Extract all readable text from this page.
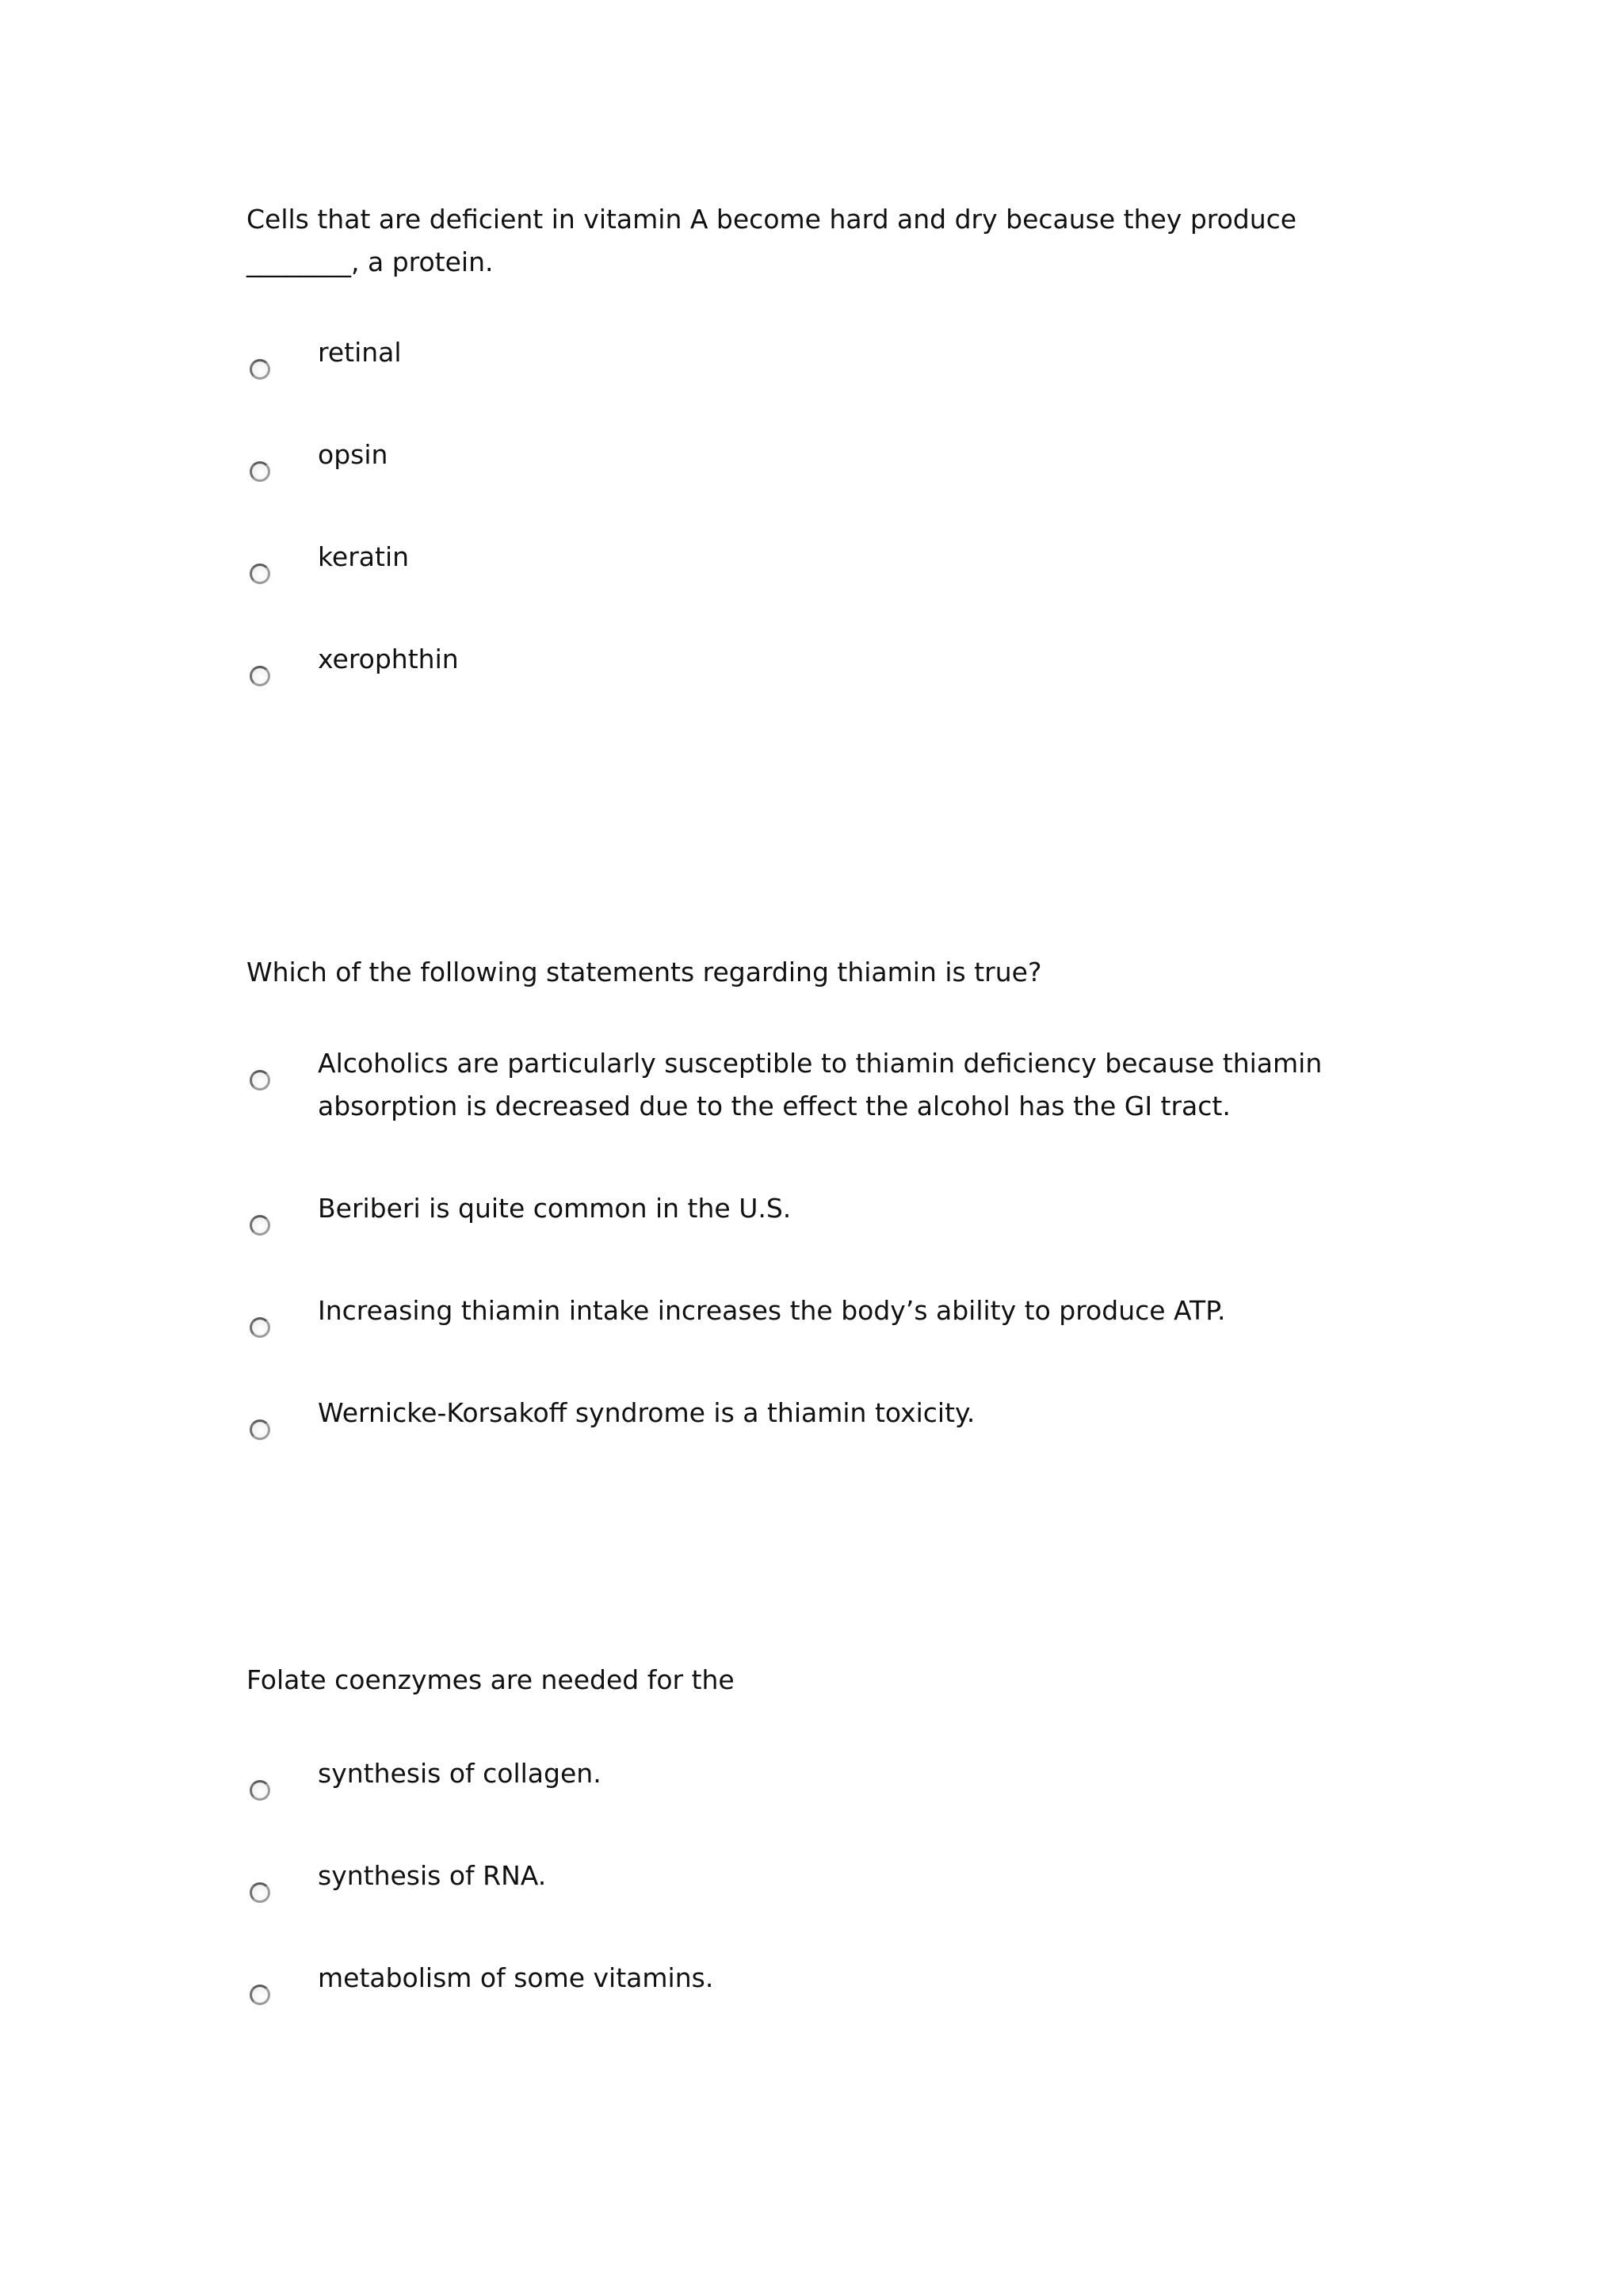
Cells that are deficient in vitamin A become hard and dry because they produce ________, a protein.

retinal
opsin
keratin
xerophthin

Which of the following statements regarding thiamin is true?

Alcoholics are particularly susceptible to thiamin deficiency because thiamin absorption is decreased due to the effect the alcohol has the GI tract.
Beriberi is quite common in the U.S.
Increasing thiamin intake increases the body’s ability to produce ATP.
Wernicke-Korsakoff syndrome is a thiamin toxicity.

Folate coenzymes are needed for the

synthesis of collagen.
synthesis of RNA.
metabolism of some vitamins.
